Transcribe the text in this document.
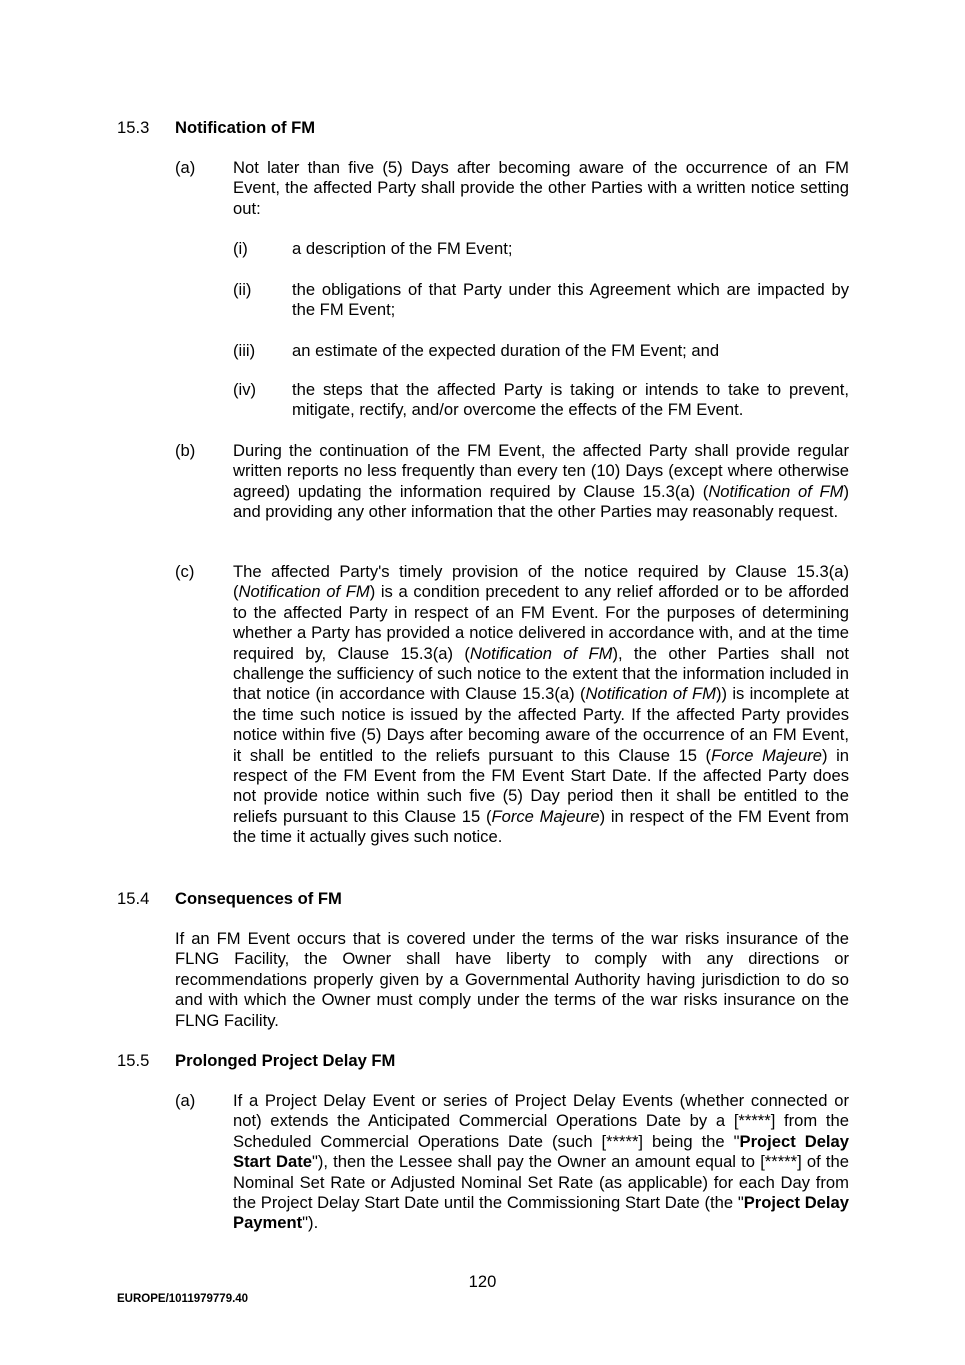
15.3 Notification of FM
(a) Not later than five (5) Days after becoming aware of the occurrence of an FM Event, the affected Party shall provide the other Parties with a written notice setting out:

(i)	a description of the FM Event;

(ii) the obligations of that Party under this Agreement which are impacted by the FM Event;

(iii) an estimate of the expected duration of the FM Event; and

(iv) the steps that the affected Party is taking or intends to take to prevent, mitigate, rectify, and/or overcome the effects of the FM Event.

(b) During the continuation of the FM Event, the affected Party shall provide regular written reports no less frequently than every ten (10) Days (except where otherwise agreed) updating the information required by Clause 15.3(a) (Notification of FM) and providing any other information that the other Parties may reasonably request.

(c) The affected Party's timely provision of the notice required by Clause 15.3(a) (Notification of FM) is a condition precedent to any relief afforded or to be afforded to the affected Party in respect of an FM Event. For the purposes of determining whether a Party has provided a notice delivered in accordance with, and at the time required by, Clause 15.3(a) (Notification of FM), the other Parties shall not challenge the sufficiency of such notice to the extent that the information included in that notice (in accordance with Clause 15.3(a) (Notification of FM)) is incomplete at the time such notice is issued by the affected Party. If the affected Party provides notice within five (5) Days after becoming aware of the occurrence of an FM Event, it shall be entitled to the reliefs pursuant to this Clause 15 (Force Majeure) in respect of the FM Event from the FM Event Start Date. If the affected Party does not provide notice within such five (5) Day period then it shall be entitled to the reliefs pursuant to this Clause 15 (Force Majeure) in respect of the FM Event from the time it actually gives such notice.

15.4 Consequences of FM

If an FM Event occurs that is covered under the terms of the war risks insurance of the FLNG Facility, the Owner shall have liberty to comply with any directions or recommendations properly given by a Governmental Authority having jurisdiction to do so and with which the Owner must comply under the terms of the war risks insurance on the FLNG Facility.

15.5 Prolonged Project Delay FM
(a) If a Project Delay Event or series of Project Delay Events (whether connected or not) extends the Anticipated Commercial Operations Date by a [*****] from the Scheduled Commercial Operations Date (such [*****] being the "Project Delay Start Date"), then the Lessee shall pay the Owner an amount equal to [*****] of the Nominal Set Rate or Adjusted Nominal Set Rate (as applicable) for each Day from the Project Delay Start Date until the Commissioning Start Date (the "Project Delay Payment").

120
EUROPE/1011979779.40
